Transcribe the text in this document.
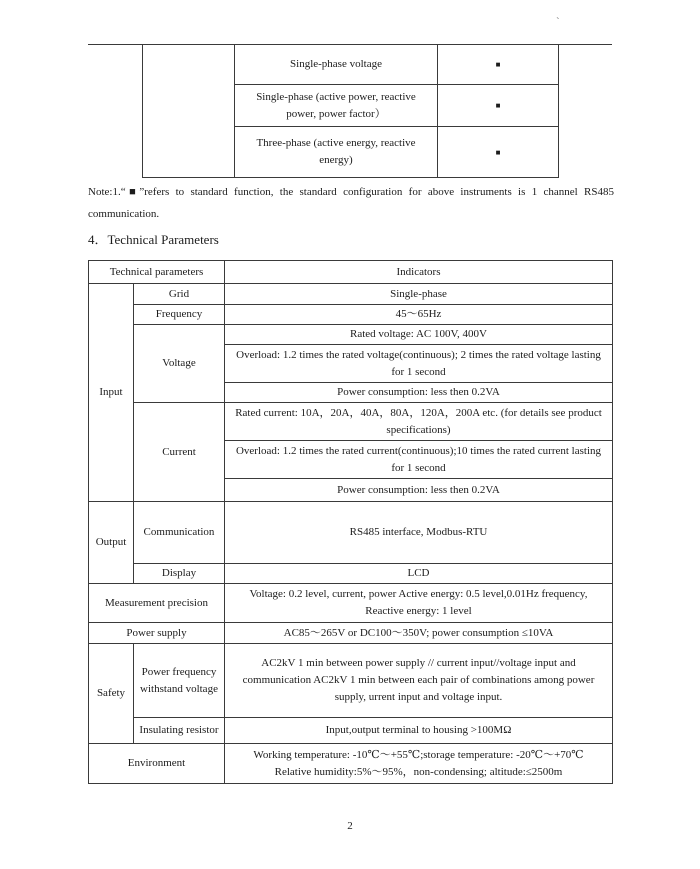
`
	Single-phase voltage	■
	Single-phase (active power, reactive power, power factor）	■
	Three-phase (active energy, reactive energy)	■

Note:1.“■”refers to standard function, the standard configuration for above instruments is 1 channel RS485 communication.

4．Technical Parameters
Technical parameters		Indicators
Input	Grid	Single-phase
	Frequency	45～65Hz
	Voltage	Rated voltage: AC 100V, 400V
		Overload: 1.2 times the rated voltage(continuous); 2 times the rated voltage lasting for 1 second
		Power consumption: less then 0.2VA
	Current	Rated current: 10A，20A，40A，80A，120A，200A etc. (for details see product specifications)
		Overload: 1.2 times the rated current(continuous);10 times the rated current lasting for 1 second
		Power consumption: less then 0.2VA
Output	Communication	RS485 interface, Modbus-RTU
	Display	LCD
Measurement precision		Voltage: 0.2 level, current, power Active energy: 0.5 level,0.01Hz frequency, Reactive energy: 1 level
Power supply		AC85～265V or DC100～350V; power consumption ≤10VA
Safety	Power frequency withstand voltage	AC2kV 1 min between power supply // current input//voltage input and communication AC2kV 1 min between each pair of combinations among power supply, urrent input and voltage input.
	Insulating resistor	Input,output terminal to housing >100MΩ
Environment		Working temperature: -10℃～+55℃;storage temperature: -20℃～+70℃
Relative humidity:5%～95%，non-condensing; altitude:≤2500m
2
